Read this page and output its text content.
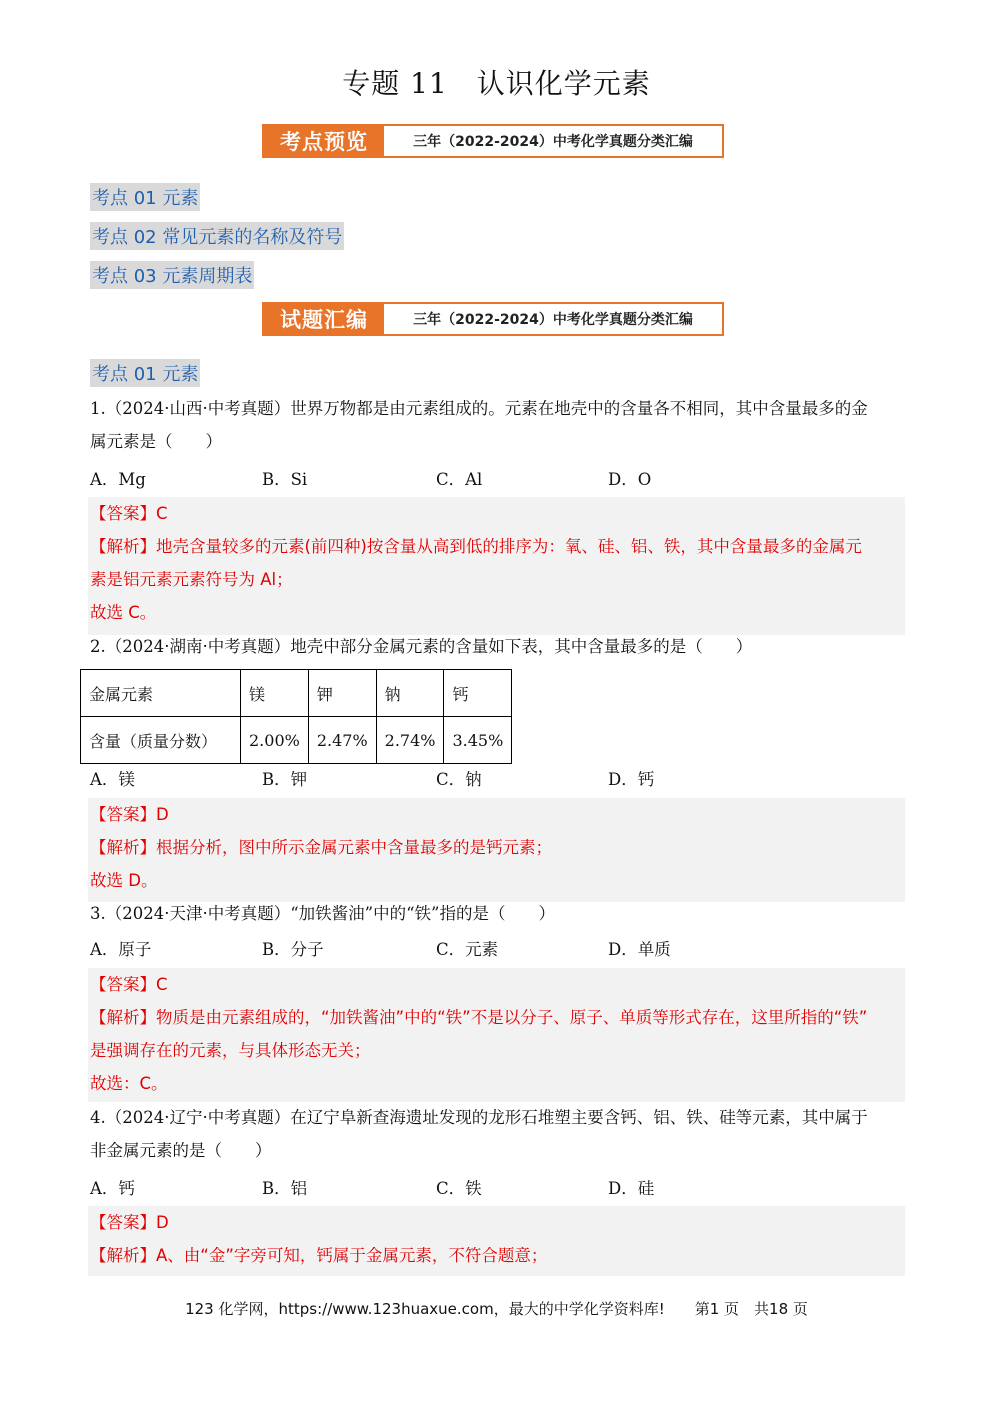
专题 11　认识化学元素
考点预览	三年（2022-2024）中考化学真题分类汇编
考点 01 元素
考点 02 常见元素的名称及符号
考点 03 元素周期表
试题汇编	三年（2022-2024）中考化学真题分类汇编
考点 01 元素
1.（2024·山西·中考真题）世界万物都是由元素组成的。元素在地壳中的含量各不相同，其中含量最多的金
属元素是（　　）
A．Mg	B．Si	C．Al	D．O
【答案】C
【解析】地壳含量较多的元素(前四种)按含量从高到低的排序为：氧、硅、铝、铁，其中含量最多的金属元
素是铝元素元素符号为 Al；
故选 C。
2.（2024·湖南·中考真题）地壳中部分金属元素的含量如下表，其中含量最多的是（　　）
金属元素	镁	钾	钠	钙
含量（质量分数）	2.00%	2.47%	2.74%	3.45%
A．镁	B．钾	C．钠	D．钙
【答案】D
【解析】根据分析，图中所示金属元素中含量最多的是钙元素；
故选 D。
3.（2024·天津·中考真题）“加铁酱油”中的“铁”指的是（　　）
A．原子	B．分子	C．元素	D．单质
【答案】C
【解析】物质是由元素组成的，“加铁酱油”中的“铁”不是以分子、原子、单质等形式存在，这里所指的“铁”
是强调存在的元素，与具体形态无关；
故选：C。
4.（2024·辽宁·中考真题）在辽宁阜新查海遗址发现的龙形石堆塑主要含钙、铝、铁、硅等元素，其中属于
非金属元素的是（　　）
A．钙	B．铝	C．铁	D．硅
【答案】D
【解析】A、由“金”字旁可知，钙属于金属元素，不符合题意；
123 化学网，https://www.123huaxue.com，最大的中学化学资料库!　　第1 页　共18 页
